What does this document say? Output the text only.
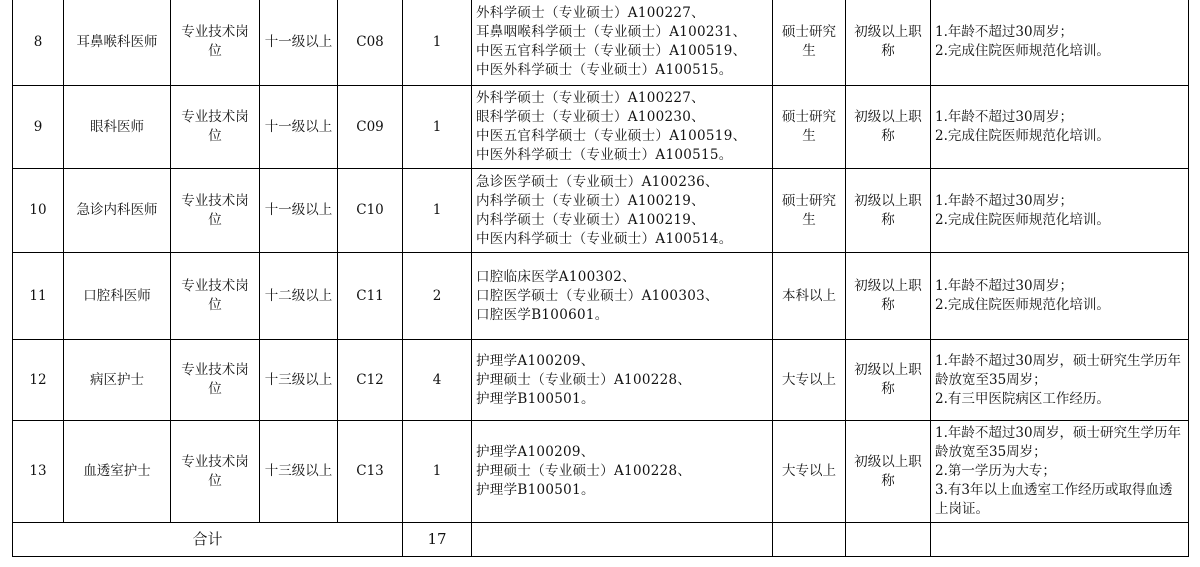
8	耳鼻喉科医师	专业技术岗位	十一级以上	C08	1	外科学硕士（专业硕士）A100227、
耳鼻咽喉科学硕士（专业硕士）A100231、
中医五官科学硕士（专业硕士）A100519、
中医外科学硕士（专业硕士）A100515。	硕士研究生	初级以上职称	1.年龄不超过30周岁；
2.完成住院医师规范化培训。

9	眼科医师	专业技术岗位	十一级以上	C09	1	外科学硕士（专业硕士）A100227、
眼科学硕士（专业硕士）A100230、
中医五官科学硕士（专业硕士）A100519、
中医外科学硕士（专业硕士）A100515。	硕士研究生	初级以上职称	1.年龄不超过30周岁；
2.完成住院医师规范化培训。

10	急诊内科医师	专业技术岗位	十一级以上	C10	1	急诊医学硕士（专业硕士）A100236、
内科学硕士（专业硕士）A100219、
内科学硕士（专业硕士）A100219、
中医内科学硕士（专业硕士）A100514。	硕士研究生	初级以上职称	1.年龄不超过30周岁；
2.完成住院医师规范化培训。

11	口腔科医师	专业技术岗位	十二级以上	C11	2	口腔临床医学A100302、
口腔医学硕士（专业硕士）A100303、
口腔医学B100601。	本科以上	初级以上职称	1.年龄不超过30周岁；
2.完成住院医师规范化培训。

12	病区护士	专业技术岗位	十三级以上	C12	4	护理学A100209、
护理硕士（专业硕士）A100228、
护理学B100501。	大专以上	初级以上职称	1.年龄不超过30周岁，硕士研究生学历年龄放宽至35周岁；
2.有三甲医院病区工作经历。

13	血透室护士	专业技术岗位	十三级以上	C13	1	护理学A100209、
护理硕士（专业硕士）A100228、
护理学B100501。	大专以上	初级以上职称	1.年龄不超过30周岁，硕士研究生学历年龄放宽至35周岁；
2.第一学历为大专；
3.有3年以上血透室工作经历或取得血透上岗证。

合计					17				
